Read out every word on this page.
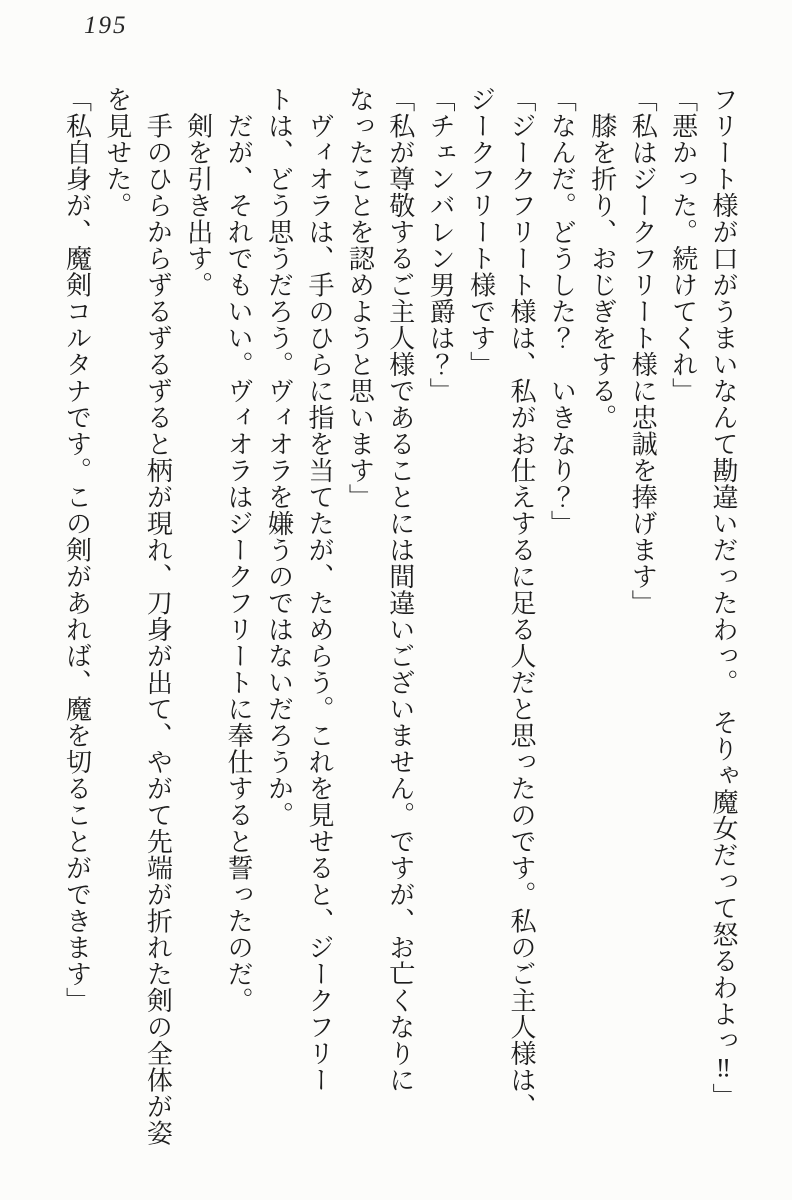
195

フリート様が口がうまいなんて勘違いだったわっ。　そりゃ魔女だって怒るわよっ‼」

「悪かった。続けてくれ」

「私はジークフリート様に忠誠を捧げます」

　膝を折り、おじぎをする。

「なんだ。どうした？　いきなり？」

「ジークフリート様は、私がお仕えするに足る人だと思ったのです。私のご主人様は、

ジークフリート様です」

「チェンバレン男爵は？」

「私が尊敬するご主人様であることには間違いございません。ですが、お亡くなりに

なったことを認めようと思います」

　ヴィオラは、手のひらに指を当てたが、ためらう。これを見せると、ジークフリー

トは、どう思うだろう。ヴィオラを嫌うのではないだろうか。

　だが、それでもいい。ヴィオラはジークフリートに奉仕すると誓ったのだ。

　剣を引き出す。

　手のひらからずるずるずると柄が現れ、刀身が出て、やがて先端が折れた剣の全体が姿

を見せた。

「私自身が、魔剣コルタナです。この剣があれば、魔を切ることができます」
